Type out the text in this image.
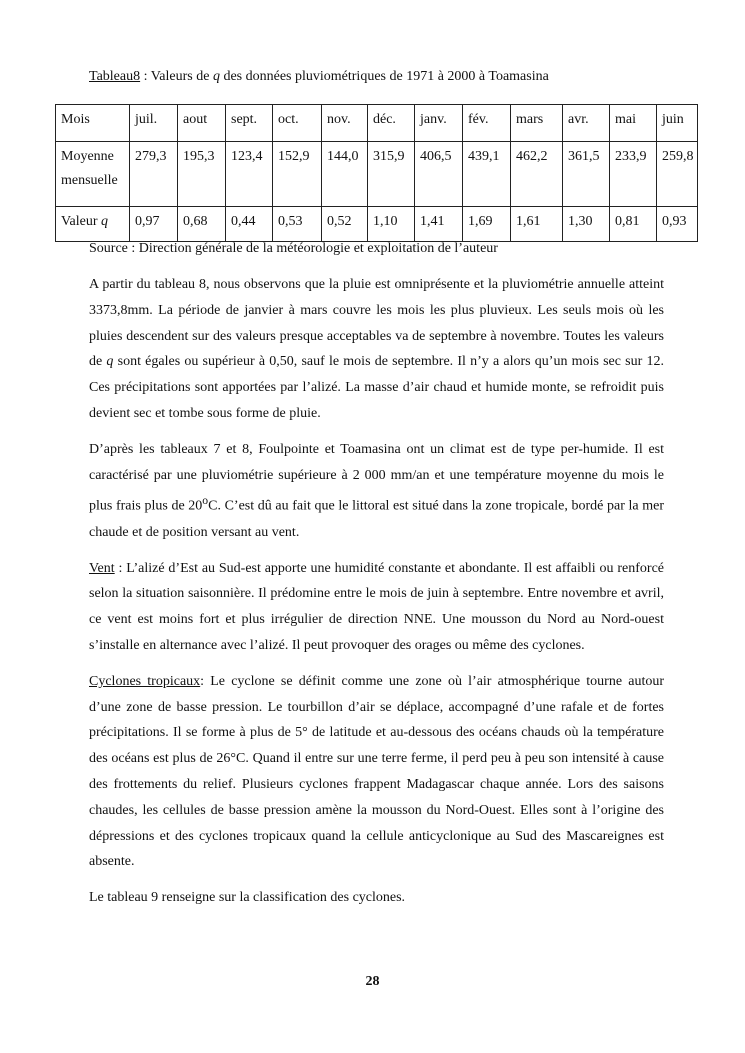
Tableau8 : Valeurs de q des données pluviométriques de 1971 à 2000 à Toamasina
Mois	juil.	aout	sept.	oct.	nov.	déc.	janv.	fév.	mars	avr.	mai	juin
Moyenne mensuelle	279,3	195,3	123,4	152,9	144,0	315,9	406,5	439,1	462,2	361,5	233,9	259,8
Valeur q	0,97	0,68	0,44	0,53	0,52	1,10	1,41	1,69	1,61	1,30	0,81	0,93
Source : Direction générale de la météorologie et exploitation de l’auteur

A partir du tableau 8, nous observons que la pluie est omniprésente et la pluviométrie annuelle atteint 3373,8mm. La période de janvier à mars couvre les mois les plus pluvieux. Les seuls mois où les pluies descendent sur des valeurs presque acceptables va de septembre à novembre. Toutes les valeurs de q sont égales ou supérieur à 0,50, sauf le mois de septembre. Il n’y a alors qu’un mois sec sur 12. Ces précipitations sont apportées par l’alizé. La masse d’air chaud et humide monte, se refroidit puis devient sec et tombe sous forme de pluie.

D’après les tableaux 7 et 8, Foulpointe et Toamasina ont un climat est de type per-humide. Il est caractérisé par une pluviométrie supérieure à 2 000 mm/an et une température moyenne du mois le plus frais plus de 20$^o$C. C’est dû au fait que le littoral est situé dans la zone tropicale, bordé par la mer chaude et de position versant au vent.

Vent : L’alizé d’Est au Sud-est apporte une humidité constante et abondante. Il est affaibli ou renforcé selon la situation saisonnière. Il prédomine entre le mois de juin à septembre. Entre novembre et avril, ce vent est moins fort et plus irrégulier de direction NNE. Une mousson du Nord au Nord-ouest s’installe en alternance avec l’alizé. Il peut provoquer des orages ou même des cyclones.

Cyclones tropicaux: Le cyclone se définit comme une zone où l’air atmosphérique tourne autour d’une zone de basse pression. Le tourbillon d’air se déplace, accompagné d’une rafale et de fortes précipitations. Il se forme à plus de 5° de latitude et au-dessous des océans chauds où la température des océans est plus de 26°C. Quand il entre sur une terre ferme, il perd peu à peu son intensité à cause des frottements du relief. Plusieurs cyclones frappent Madagascar chaque année. Lors des saisons chaudes, les cellules de basse pression amène la mousson du Nord-Ouest. Elles sont à l’origine des dépressions et des cyclones tropicaux quand la cellule anticyclonique au Sud des Mascareignes est absente.

Le tableau 9 renseigne sur la classification des cyclones.

28
